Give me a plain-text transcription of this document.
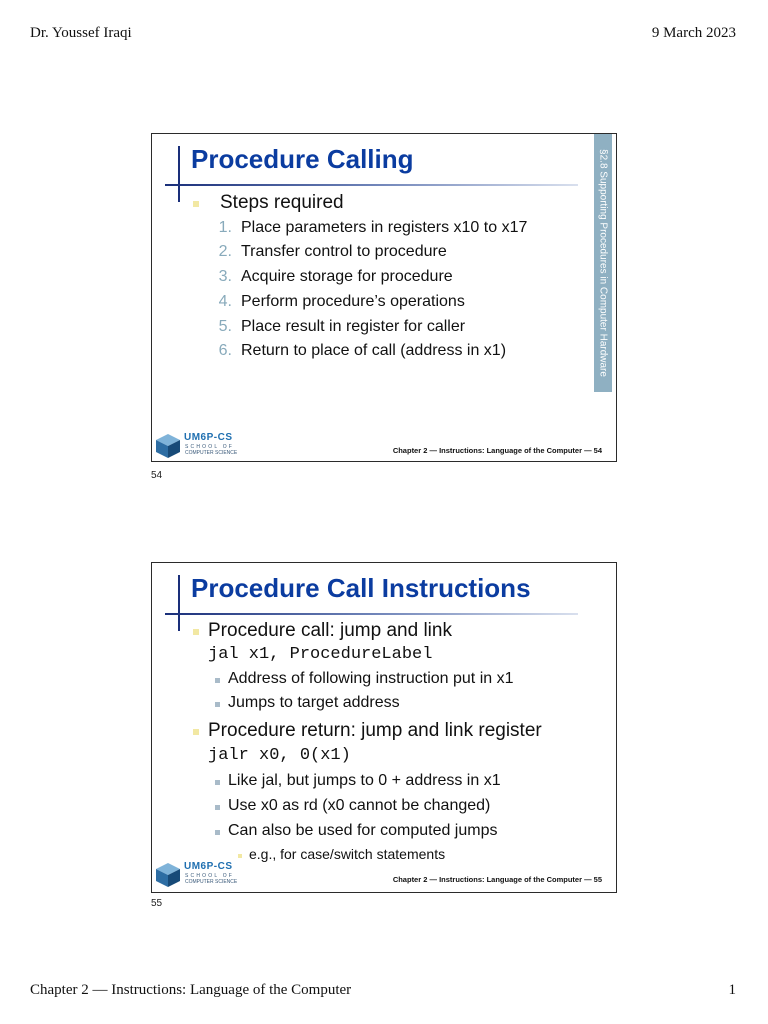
Dr. Youssef Iraqi	9 March 2023
Procedure Calling	§2.8 Supporting Procedures in Computer Hardware
Steps required
1. Place parameters in registers x10 to x17
2. Transfer control to procedure
3. Acquire storage for procedure
4. Perform procedure’s operations
5. Place result in register for caller
6. Return to place of call (address in x1)
UM6P-CS
SCHOOL OF
COMPUTER SCIENCE	Chapter 2 — Instructions: Language of the Computer — 54
54
Procedure Call Instructions
Procedure call: jump and link
jal x1, ProcedureLabel
Address of following instruction put in x1
Jumps to target address
Procedure return: jump and link register
jalr x0, 0(x1)
Like jal, but jumps to 0 + address in x1
Use x0 as rd (x0 cannot be changed)
Can also be used for computed jumps
e.g., for case/switch statements
UM6P-CS
SCHOOL OF
COMPUTER SCIENCE	Chapter 2 — Instructions: Language of the Computer — 55
55
Chapter 2 — Instructions: Language of the Computer	1
